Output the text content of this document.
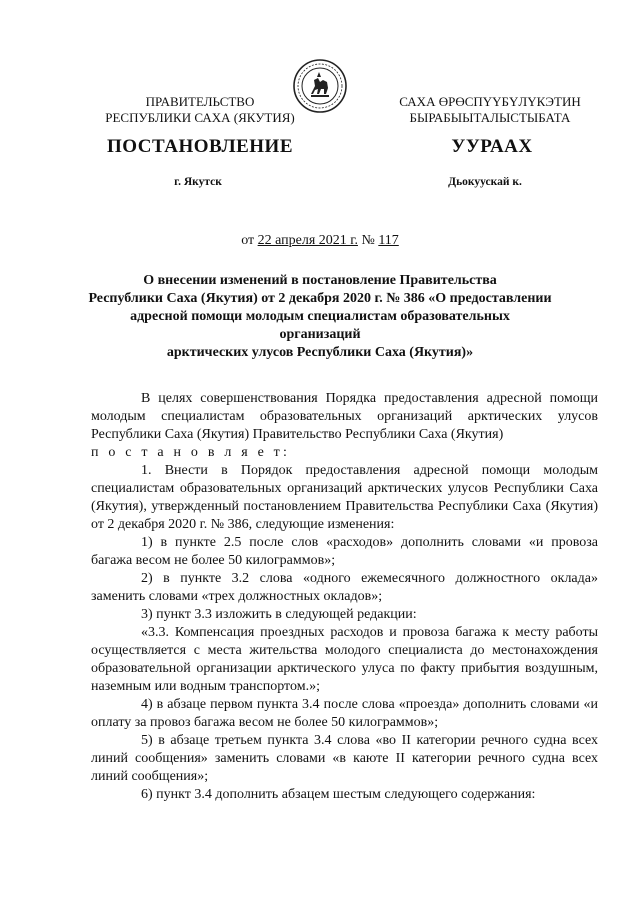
ПРАВИТЕЛЬСТВО
РЕСПУБЛИКИ САХА (ЯКУТИЯ)
САХА ӨРӨСПҮҮБҮЛҮКЭТИН
БЫРАБЫЫТАЛЫСТЫБАТА
ПОСТАНОВЛЕНИЕ	УУРААХ
г. Якутск	Дьокуускай к.
от 22 апреля 2021 г. № 117
О внесении изменений в постановление Правительства
Республики Саха (Якутия) от 2 декабря 2020 г. № 386 «О предоставлении
адресной помощи молодым специалистам образовательных организаций
арктических улусов Республики Саха (Якутия)»

В целях совершенствования Порядка предоставления адресной помощи молодым специалистам образовательных организаций арктических улусов Республики Саха (Якутия) Правительство Республики Саха (Якутия)

п о с т а н о в л я е т:

1. Внести в Порядок предоставления адресной помощи молодым специалистам образовательных организаций арктических улусов Республики Саха (Якутия), утвержденный постановлением Правительства Республики Саха (Якутия) от 2 декабря 2020 г. № 386, следующие изменения:

1) в пункте 2.5 после слов «расходов» дополнить словами «и провоза багажа весом не более 50 килограммов»;

2) в пункте 3.2 слова «одного ежемесячного должностного оклада» заменить словами «трех должностных окладов»;

3) пункт 3.3 изложить в следующей редакции:

«3.3. Компенсация проездных расходов и провоза багажа к месту работы осуществляется с места жительства молодого специалиста до местонахождения образовательной организации арктического улуса по факту прибытия воздушным, наземным или водным транспортом.»;

4) в абзаце первом пункта 3.4 после слова «проезда» дополнить словами «и оплату за провоз багажа весом не более 50 килограммов»;

5) в абзаце третьем пункта 3.4 слова «во II категории речного судна всех линий сообщения» заменить словами «в каюте II категории речного судна всех линий сообщения»;

6) пункт 3.4 дополнить абзацем шестым следующего содержания:
